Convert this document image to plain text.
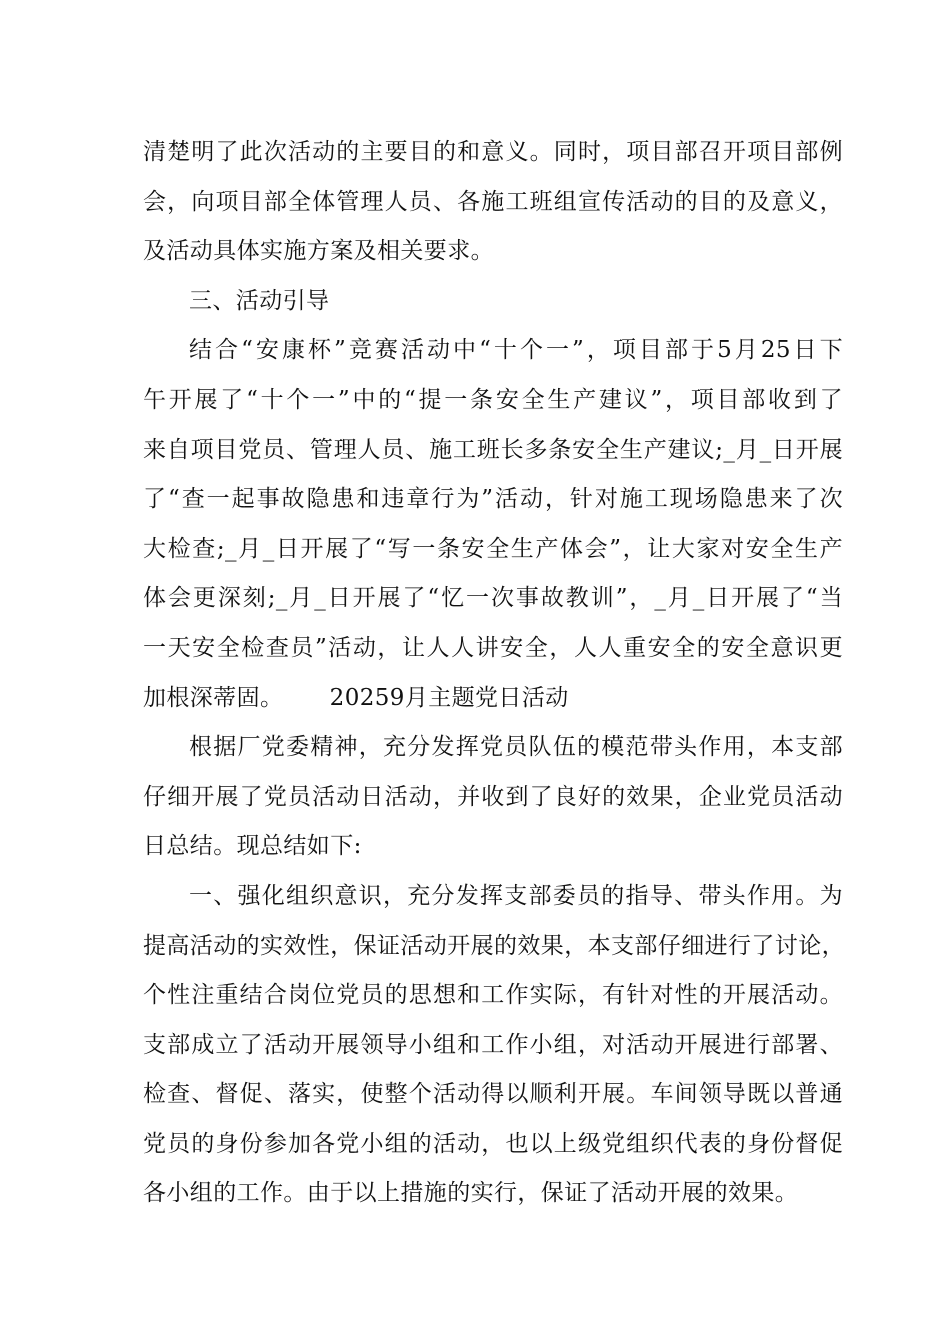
清楚明了此次活动的主要目的和意义。同时，项目部召开项目部例
会，向项目部全体管理人员、各施工班组宣传活动的目的及意义，
及活动具体实施方案及相关要求。
三、活动引导
结合“安康杯”竞赛活动中“十个一”，项目部于5月25日下
午开展了“十个一”中的“提一条安全生产建议”，项目部收到了
来自项目党员、管理人员、施工班长多条安全生产建议;_月_日开展
了“查一起事故隐患和违章行为”活动，针对施工现场隐患来了次
大检查;_月_日开展了“写一条安全生产体会”，让大家对安全生产
体会更深刻;_月_日开展了“忆一次事故教训”，_月_日开展了“当
一天安全检查员”活动，让人人讲安全，人人重安全的安全意识更
加根深蒂固。      20259月主题党日活动
根据厂党委精神，充分发挥党员队伍的模范带头作用，本支部
仔细开展了党员活动日活动，并收到了良好的效果，企业党员活动
日总结。现总结如下:
一、强化组织意识，充分发挥支部委员的指导、带头作用。为
提高活动的实效性，保证活动开展的效果，本支部仔细进行了讨论，
个性注重结合岗位党员的思想和工作实际，有针对性的开展活动。
支部成立了活动开展领导小组和工作小组，对活动开展进行部署、
检查、督促、落实，使整个活动得以顺利开展。车间领导既以普通
党员的身份参加各党小组的活动，也以上级党组织代表的身份督促
各小组的工作。由于以上措施的实行，保证了活动开展的效果。
